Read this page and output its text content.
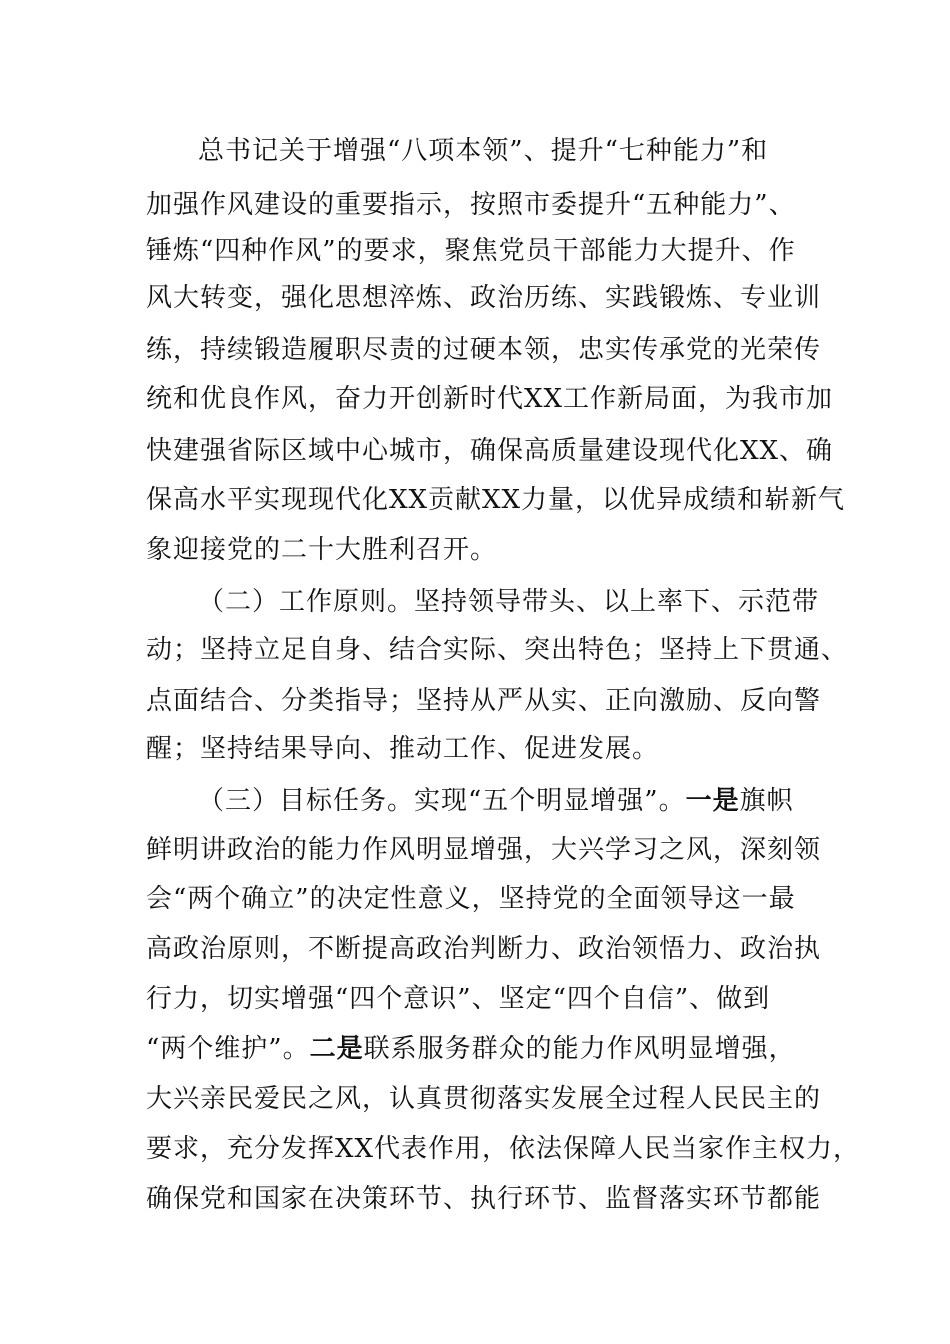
总书记关于增强“八项本领”、提升“七种能力”和
加强作风建设的重要指示，按照市委提升“五种能力”、
锤炼“四种作风”的要求，聚焦党员干部能力大提升、作
风大转变，强化思想淬炼、政治历练、实践锻炼、专业训
练，持续锻造履职尽责的过硬本领，忠实传承党的光荣传
统和优良作风，奋力开创新时代XX工作新局面，为我市加
快建强省际区域中心城市，确保高质量建设现代化XX、确
保高水平实现现代化XX贡献XX力量，以优异成绩和崭新气
象迎接党的二十大胜利召开。
（二）工作原则。坚持领导带头、以上率下、示范带
动；坚持立足自身、结合实际、突出特色；坚持上下贯通、
点面结合、分类指导；坚持从严从实、正向激励、反向警
醒；坚持结果导向、推动工作、促进发展。
（三）目标任务。实现“五个明显增强”。一是旗帜
鲜明讲政治的能力作风明显增强，大兴学习之风，深刻领
会“两个确立”的决定性意义，坚持党的全面领导这一最
高政治原则，不断提高政治判断力、政治领悟力、政治执
行力，切实增强“四个意识”、坚定“四个自信”、做到
“两个维护”。二是联系服务群众的能力作风明显增强，
大兴亲民爱民之风，认真贯彻落实发展全过程人民民主的
要求，充分发挥XX代表作用，依法保障人民当家作主权力，
确保党和国家在决策环节、执行环节、监督落实环节都能
